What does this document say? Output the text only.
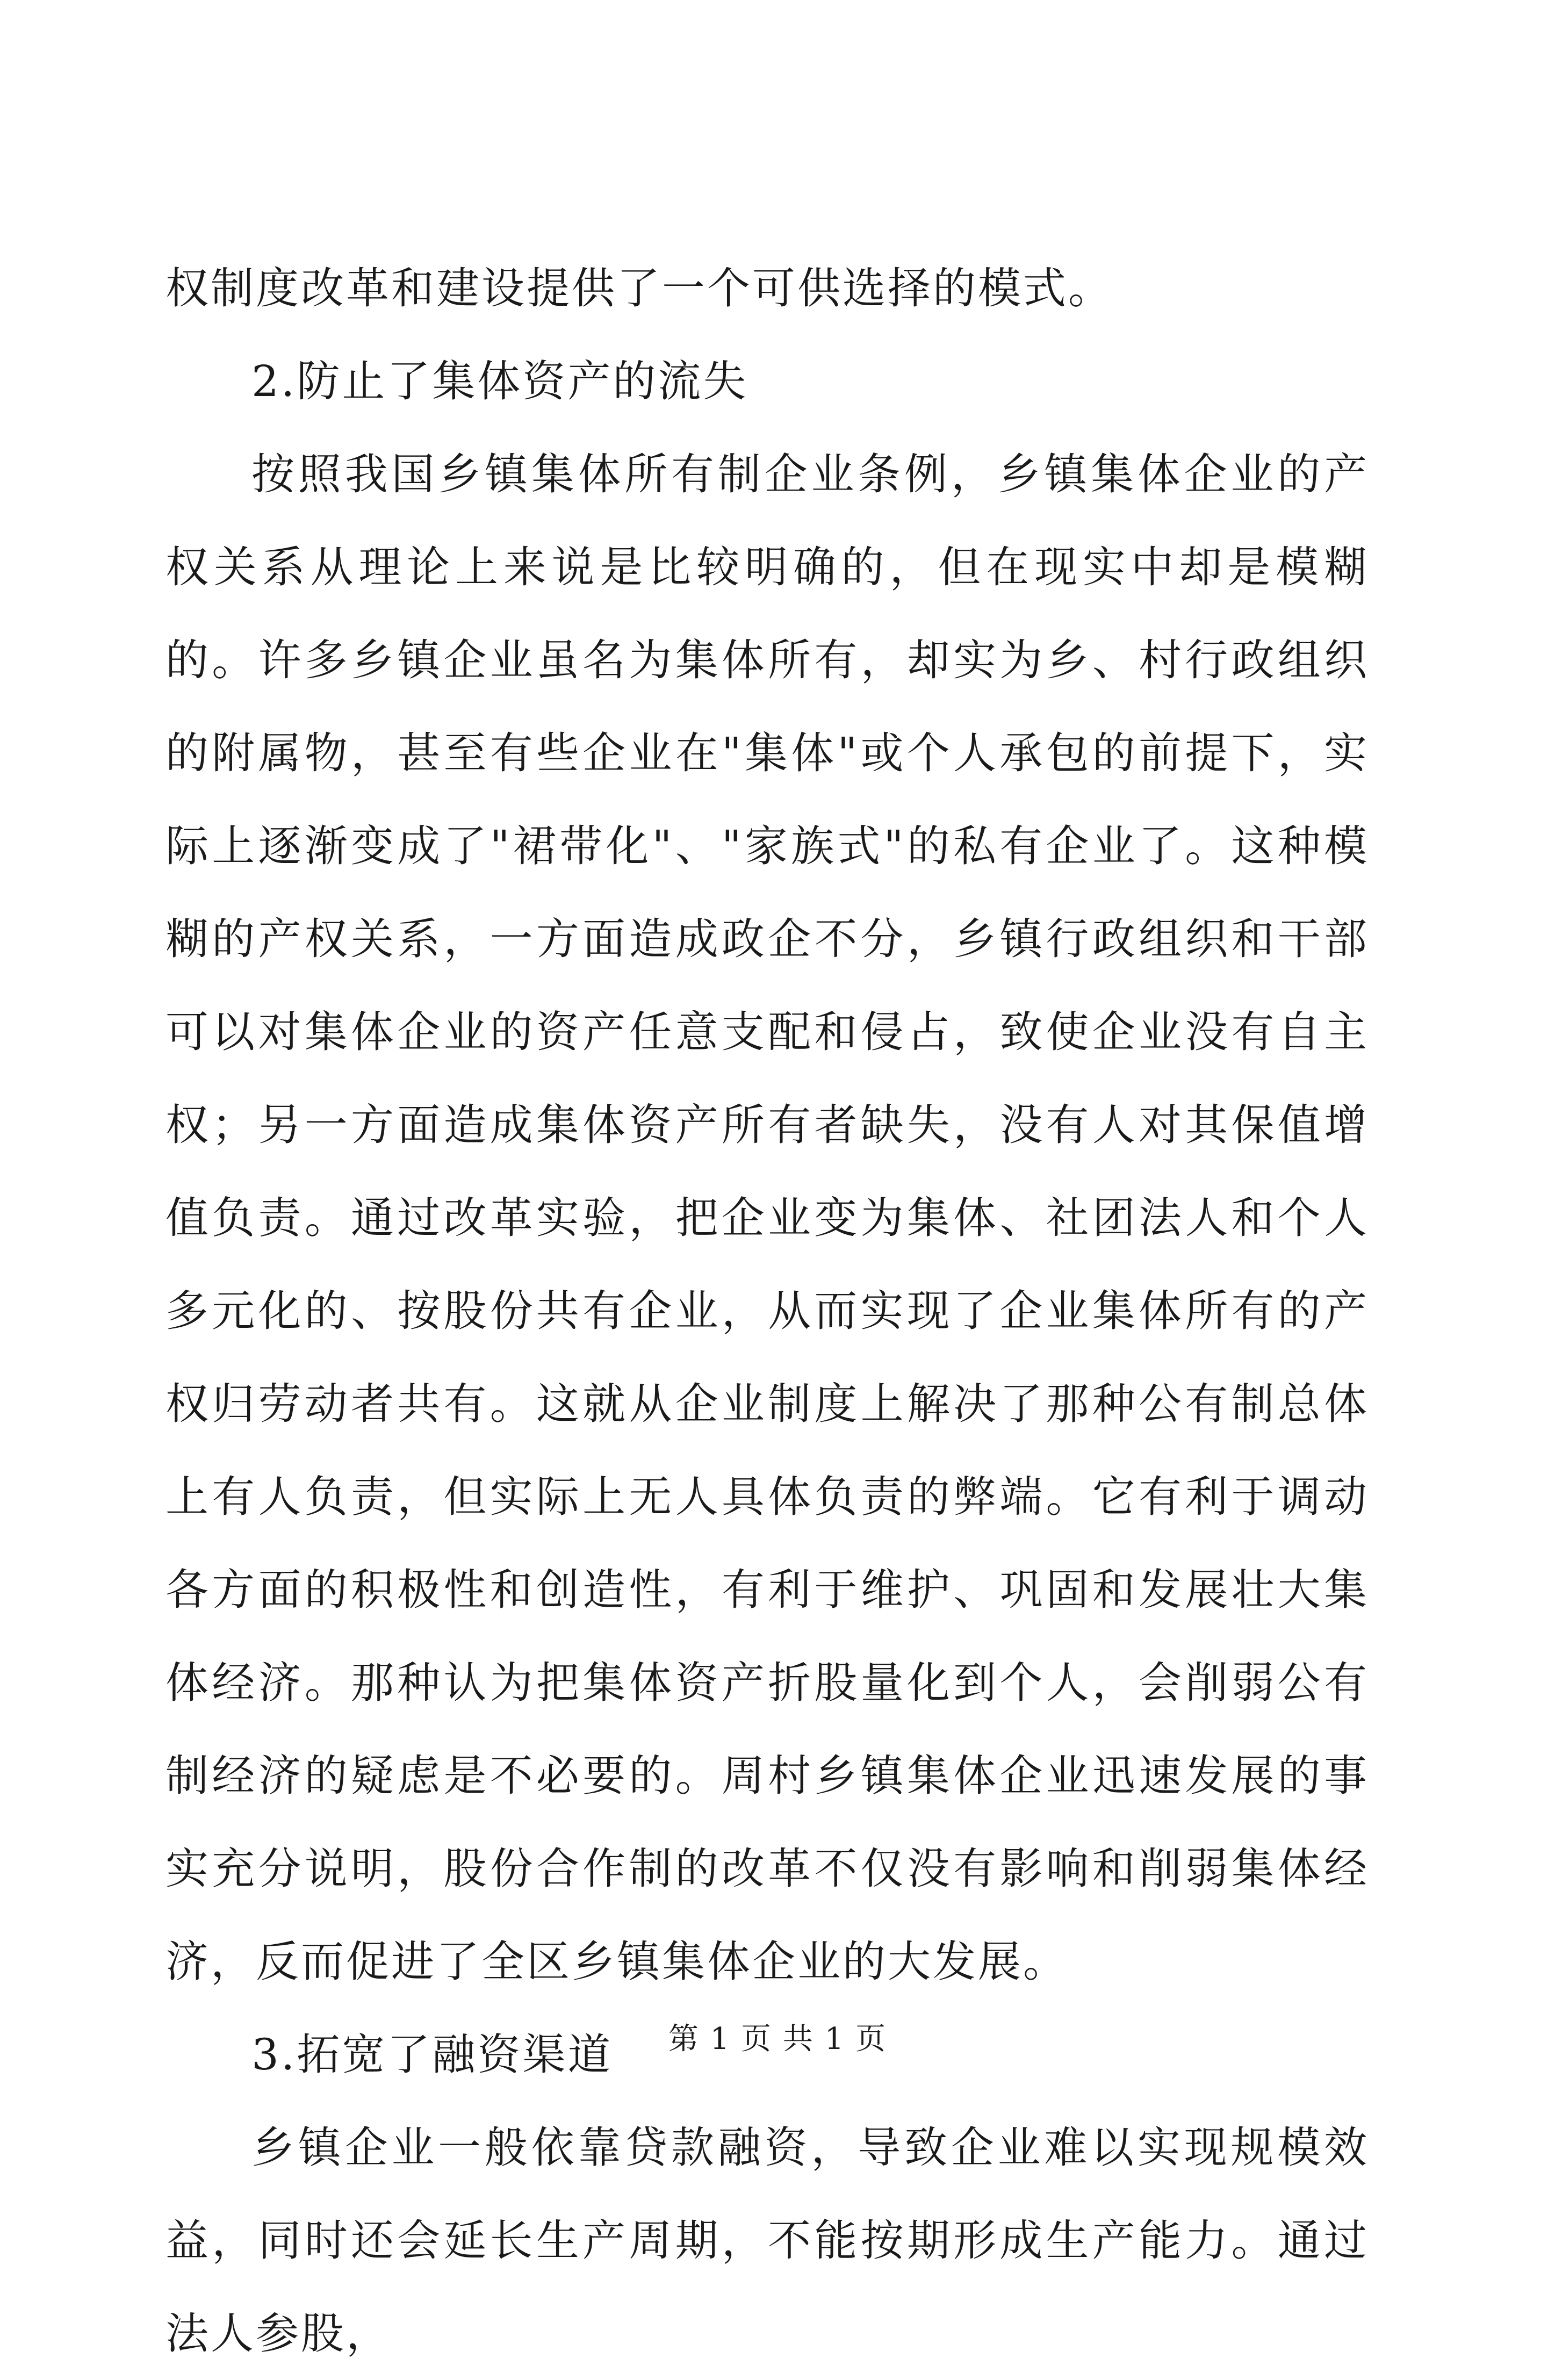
权制度改革和建设提供了一个可供选择的模式。

2.防止了集体资产的流失

按照我国乡镇集体所有制企业条例，乡镇集体企业的产权关系从理论上来说是比较明确的，但在现实中却是模糊的。许多乡镇企业虽名为集体所有，却实为乡、村行政组织的附属物，甚至有些企业在"集体"或个人承包的前提下，实际上逐渐变成了"裙带化"、"家族式"的私有企业了。这种模糊的产权关系，一方面造成政企不分，乡镇行政组织和干部可以对集体企业的资产任意支配和侵占，致使企业没有自主权；另一方面造成集体资产所有者缺失，没有人对其保值增值负责。通过改革实验，把企业变为集体、社团法人和个人多元化的、按股份共有企业，从而实现了企业集体所有的产权归劳动者共有。这就从企业制度上解决了那种公有制总体上有人负责，但实际上无人具体负责的弊端。它有利于调动各方面的积极性和创造性，有利于维护、巩固和发展壮大集体经济。那种认为把集体资产折股量化到个人，会削弱公有制经济的疑虑是不必要的。周村乡镇集体企业迅速发展的事实充分说明，股份合作制的改革不仅没有影响和削弱集体经济，反而促进了全区乡镇集体企业的大发展。

3.拓宽了融资渠道

乡镇企业一般依靠贷款融资，导致企业难以实现规模效益，同时还会延长生产周期，不能按期形成生产能力。通过法人参股，

第 1 页 共 1 页
